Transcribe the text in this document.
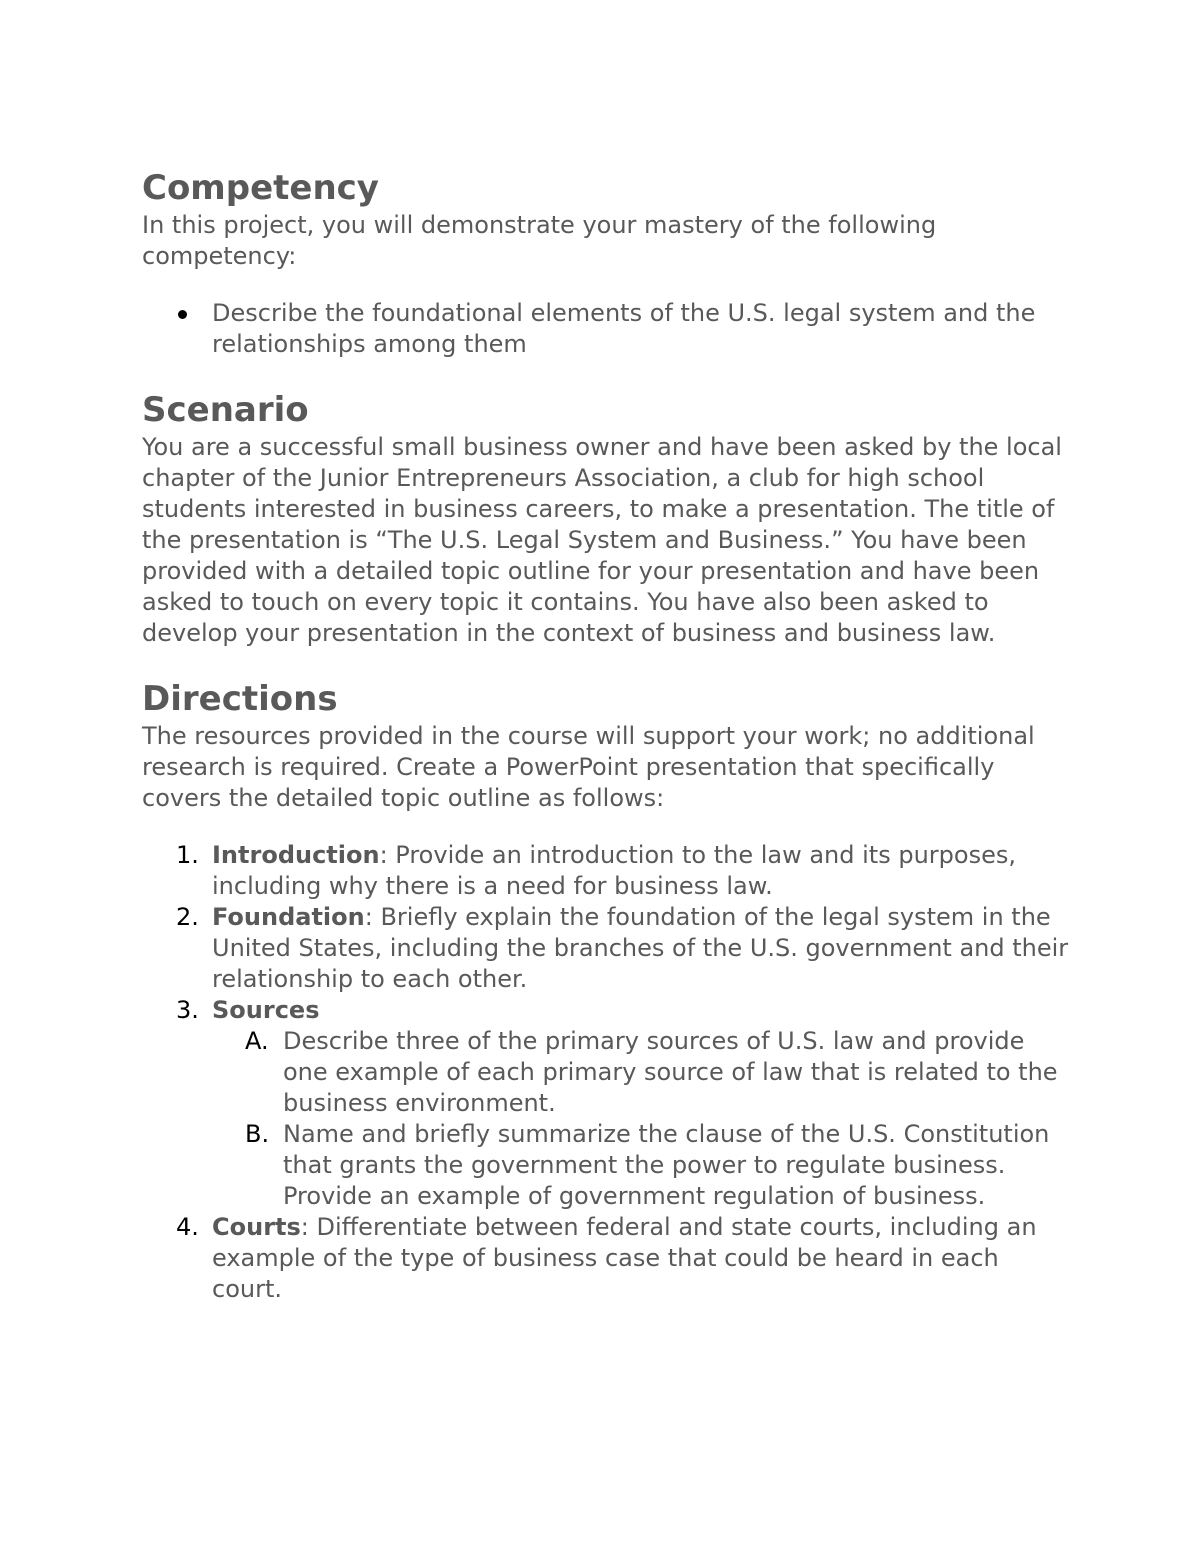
Competency

In this project, you will demonstrate your mastery of the following competency:

Describe the foundational elements of the U.S. legal system and the relationships among them
Scenario

You are a successful small business owner and have been asked by the local chapter of the Junior Entrepreneurs Association, a club for high school students interested in business careers, to make a presentation. The title of the presentation is “The U.S. Legal System and Business.” You have been provided with a detailed topic outline for your presentation and have been asked to touch on every topic it contains. You have also been asked to develop your presentation in the context of business and business law.

Directions

The resources provided in the course will support your work; no additional research is required. Create a PowerPoint presentation that specifically covers the detailed topic outline as follows:

1. Introduction: Provide an introduction to the law and its purposes, including why there is a need for business law.
2. Foundation: Briefly explain the foundation of the legal system in the United States, including the branches of the U.S. government and their relationship to each other.
3. Sources
A. Describe three of the primary sources of U.S. law and provide one example of each primary source of law that is related to the business environment.
B. Name and briefly summarize the clause of the U.S. Constitution that grants the government the power to regulate business. Provide an example of government regulation of business.
4. Courts: Differentiate between federal and state courts, including an example of the type of business case that could be heard in each court.
